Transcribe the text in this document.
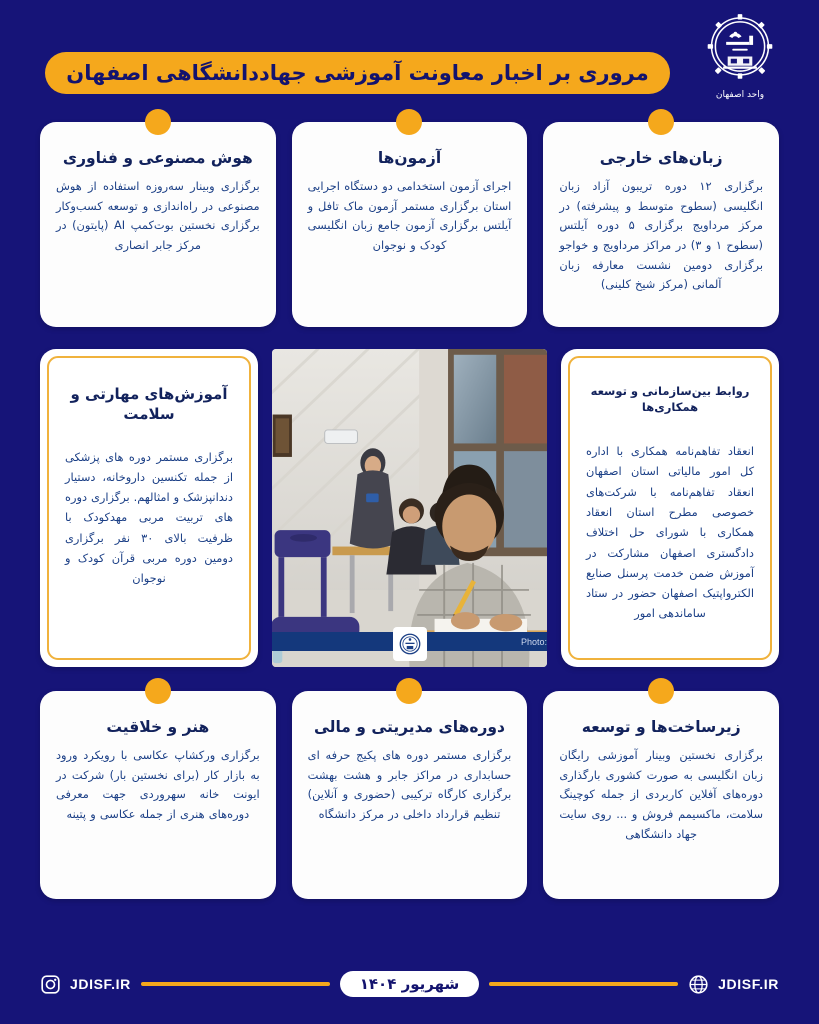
مروری بر اخبار معاونت آموزشی جهاددانشگاهی اصفهان
واحد اصفهان
زبان‌های خارجی

برگزاری ۱۲ دوره تریبون آزاد زبان انگلیسی (سطوح متوسط و پیشرفته) در مرکز مرداویج برگزاری ۵ دوره آیلتس (سطوح ۱ و ۳) در مراکز مرداویج و خواجو برگزاری دومین نشست معارفه زبان آلمانی (مرکز شیخ کلینی)

آزمون‌ها

اجرای آزمون استخدامی دو دستگاه اجرایی استان برگزاری مستمر آزمون ماک تافل و آیلتس برگزاری آزمون جامع زبان انگلیسی کودک و نوجوان

هوش مصنوعی و فناوری

برگزاری وبینار سه‌روزه استفاده از هوش مصنوعی در راه‌اندازی و توسعه کسب‌وکار برگزاری نخستین بوت‌کمپ AI (پایتون) در مرکز جابر انصاری

روابط بین‌سازمانی و توسعه همکاری‌ها

انعقاد تفاهم‌نامه همکاری با اداره کل امور مالیاتی استان اصفهان انعقاد تفاهم‌نامه با شرکت‌های خصوصی مطرح استان انعقاد همکاری با شورای حل اختلاف دادگستری اصفهان مشارکت در آموزش ضمن خدمت پرسنل صنایع الکترواپتیک اصفهان حضور در ستاد ساماندهی امور

Photo:
آموزش‌های مهارتی و سلامت

برگزاری مستمر دوره های پزشکی از جمله تکنسین داروخانه، دستیار دندانپزشک و امثالهم. برگزاری دوره های تربیت مربی مهدکودک با ظرفیت بالای ۳۰ نفر برگزاری دومین دوره مربی قرآن کودک و نوجوان

زیرساخت‌ها و توسعه

برگزاری نخستین وبینار آموزشی رایگان زبان انگلیسی به صورت کشوری بارگذاری دوره‌های آفلاین کاربردی از جمله کوچینگ سلامت، ماکسیمم فروش و ... روی سایت جهاد دانشگاهی

دوره‌های مدیریتی و مالی

برگزاری مستمر دوره های پکیج حرفه ای حسابداری در مراکز جابر و هشت بهشت برگزاری کارگاه ترکیبی (حضوری و آنلاین) تنظیم قرارداد داخلی در مرکز دانشگاه

هنر و خلاقیت

برگزاری ورکشاپ عکاسی با رویکرد ورود به بازار کار (برای نخستین بار) شرکت در ایونت خانه سهروردی جهت معرفی دوره‌های هنری از جمله عکاسی و پتینه

JDISF.IR
شهریور ۱۴۰۴
JDISF.IR
